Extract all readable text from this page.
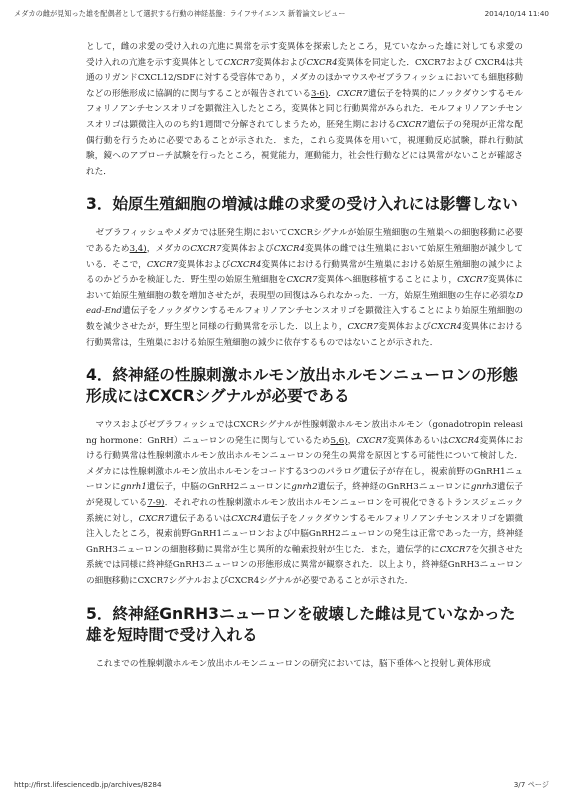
メダカの雌が見知った雄を配偶者として選択する行動の神経基盤：ライフサイエンス 新着論文レビュー	2014/10/14 11:40

として，雌の求愛の受け入れの亢進に異常を示す変異体を探索したところ，見ていなかった雄に対しても求愛の受け入れの亢進を示す変異体としてCXCR7変異体およびCXCR4変異体を同定した．CXCR7および CXCR4は共通のリガンドCXCL12/SDFに対する受容体であり，メダカのほかマウスやゼブラフィッシュにおいても細胞移動などの形態形成に協調的に関与することが報告されている3-6)．CXCR7遺伝子を特異的にノックダウンするモルフォリノアンチセンスオリゴを顕微注入したところ，変異体と同じ行動異常がみられた．モルフォリノアンチセンスオリゴは顕微注入ののち約1週間で分解されてしまうため，胚発生期におけるCXCR7遺伝子の発現が正常な配偶行動を行うために必要であることが示された．また，これら変異体を用いて，視運動反応試験，群れ行動試験，鏡へのアプローチ試験を行ったところ，視覚能力，運動能力，社会性行動などには異常がないことが確認された．

3．始原生殖細胞の増減は雌の求愛の受け入れには影響しない

ゼブラフィッシュやメダカでは胚発生期においてCXCRシグナルが始原生殖細胞の生殖巣への細胞移動に必要であるため3,4)，メダカのCXCR7変異体およびCXCR4変異体の雌では生殖巣において始原生殖細胞が減少している．そこで，CXCR7変異体およびCXCR4変異体における行動異常が生殖巣における始原生殖細胞の減少によるのかどうかを検証した．野生型の始原生殖細胞をCXCR7変異体へ細胞移植することにより，CXCR7変異体において始原生殖細胞の数を増加させたが，表現型の回復はみられなかった．一方，始原生殖細胞の生存に必須なDead-End遺伝子をノックダウンするモルフォリノアンチセンスオリゴを顕微注入することにより始原生殖細胞の数を減少させたが，野生型と同様の行動異常を示した．以上より，CXCR7変異体およびCXCR4変異体における行動異常は，生殖巣における始原生殖細胞の減少に依存するものではないことが示された．

4．終神経の性腺刺激ホルモン放出ホルモンニューロンの形態形成にはCXCRシグナルが必要である

マウスおよびゼブラフィッシュではCXCRシグナルが性腺刺激ホルモン放出ホルモン（gonadotropin releasing hormone：GnRH）ニューロンの発生に関与しているため5,6)，CXCR7変異体あるいはCXCR4変異体における行動異常は性腺刺激ホルモン放出ホルモンニューロンの発生の異常を原因とする可能性について検討した．メダカには性腺刺激ホルモン放出ホルモンをコードする3つのパラログ遺伝子が存在し，視索前野のGnRH1ニューロンにgnrh1遺伝子，中脳のGnRH2ニューロンにgnrh2遺伝子，終神経のGnRH3ニューロンにgnrh3遺伝子が発現している7-9)．それぞれの性腺刺激ホルモン放出ホルモンニューロンを可視化できるトランスジェニック系統に対し，CXCR7遺伝子あるいはCXCR4遺伝子をノックダウンするモルフォリノアンチセンスオリゴを顕微注入したところ，視索前野GnRH1ニューロンおよび中脳GnRH2ニューロンの発生は正常であった一方，終神経GnRH3ニューロンの細胞移動に異常が生じ異所的な軸索投射が生じた．また，遺伝学的にCXCR7を欠損させた系統では同様に終神経GnRH3ニューロンの形態形成に異常が観察された．以上より，終神経GnRH3ニューロンの細胞移動にCXCR7シグナルおよびCXCR4シグナルが必要であることが示された．

5．終神経GnRH3ニューロンを破壊した雌は見ていなかった雄を短時間で受け入れる

これまでの性腺刺激ホルモン放出ホルモンニューロンの研究においては，脳下垂体へと投射し黄体形成

http://first.lifesciencedb.jp/archives/8284	3/7 ページ
